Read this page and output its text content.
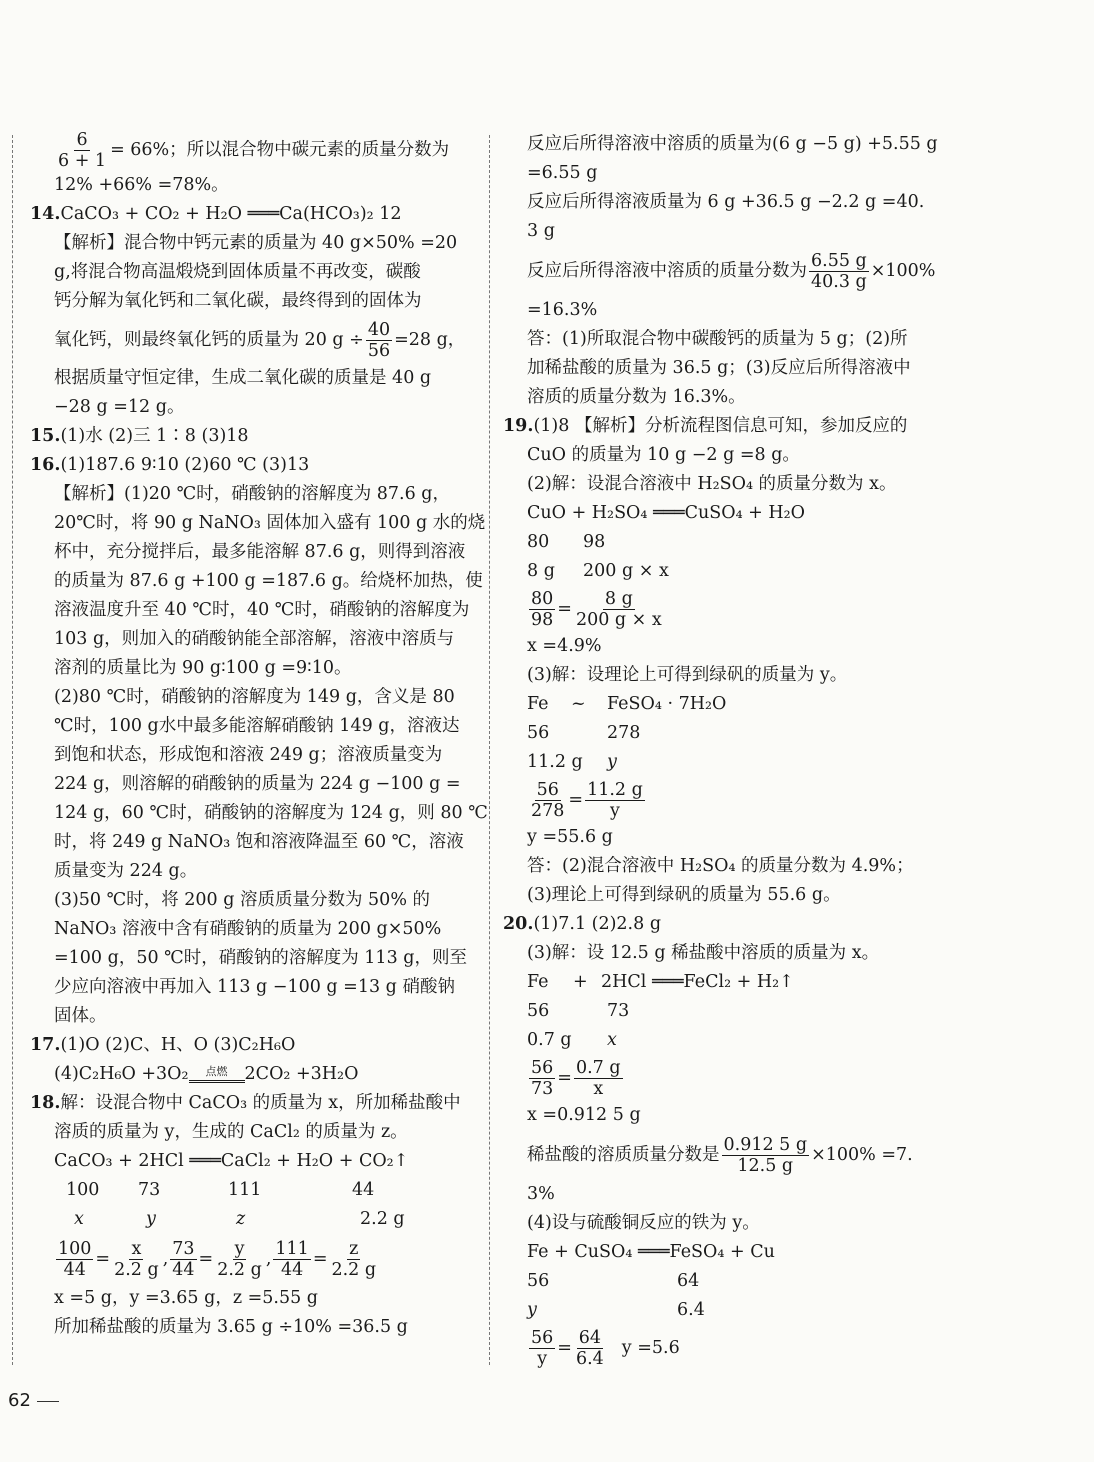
$\frac{6}{6 + 1} = 66\%$；所以混合物中碳元素的质量分数为
12% +66% =78%。
14.CaCO₃ + CO₂ + H₂O ═══Ca(HCO₃)₂ 12
【解析】混合物中钙元素的质量为 40 g×50% =20
g,将混合物高温煅烧到固体质量不再改变，碳酸
钙分解为氧化钙和二氧化碳，最终得到的固体为
氧化钙，则最终氧化钙的质量为 20 $g \div \frac{40}{56} =28$ g，
根据质量守恒定律，生成二氧化碳的质量是 40 g
−28 g =12 g。
15.(1)水 (2)三 1∶8 (3)18
16.(1)187.6 9∶10 (2)60 ℃ (3)13
【解析】(1)20 ℃时，硝酸钠的溶解度为 87.6 g，
20℃时，将 90 g NaNO₃ 固体加入盛有 100 g 水的烧
杯中，充分搅拌后，最多能溶解 87.6 g，则得到溶液
的质量为 87.6 g +100 g =187.6 g。给烧杯加热，使
溶液温度升至 40 ℃时，40 ℃时，硝酸钠的溶解度为
103 g，则加入的硝酸钠能全部溶解，溶液中溶质与
溶剂的质量比为 90 g∶100 g =9∶10。
(2)80 ℃时，硝酸钠的溶解度为 149 g，含义是 80
℃时，100 g水中最多能溶解硝酸钠 149 g，溶液达
到饱和状态，形成饱和溶液 249 g；溶液质量变为
224 g，则溶解的硝酸钠的质量为 224 g −100 g =
124 g，60 ℃时，硝酸钠的溶解度为 124 g，则 80 ℃
时，将 249 g NaNO₃ 饱和溶液降温至 60 ℃，溶液
质量变为 224 g。
(3)50 ℃时，将 200 g 溶质质量分数为 50% 的
NaNO₃ 溶液中含有硝酸钠的质量为 200 g×50%
=100 g，50 ℃时，硝酸钠的溶解度为 113 g，则至
少应向溶液中再加入 113 g −100 g =13 g 硝酸钠
固体。
17.(1)O (2)C、H、O (3)C₂H₆O
(4)C₂H₆O +3O₂ 点燃 2CO₂ +3H₂O
18.解：设混合物中 CaCO₃ 的质量为 x，所加稀盐酸中
溶质的质量为 y，生成的 CaCl₂ 的质量为 z。
CaCO₃ + 2HCl ═══CaCl₂ + H₂O + CO₂↑
100	73	111	44
x	y	z	2.2 g
$\frac{100}{44} = \frac{x}{2.2 g}$ , $\frac{73}{44} = \frac{y}{2.2 g}$ , $\frac{111}{44} = \frac{z}{2.2 g}$
x =5 g，y =3.65 g，z =5.55 g
所加稀盐酸的质量为 3.65 g ÷10% =36.5 g
反应后所得溶液中溶质的质量为(6 g −5 g) +5.55 g
=6.55 g
反应后所得溶液质量为 6 g +36.5 g −2.2 g =40.
3 g
反应后所得溶液中溶质的质量分数为 $\frac{6.55 g}{40.3 g} \times 100\%$
=16.3%
答：(1)所取混合物中碳酸钙的质量为 5 g；(2)所
加稀盐酸的质量为 36.5 g；(3)反应后所得溶液中
溶质的质量分数为 16.3%。
19.(1)8 【解析】分析流程图信息可知，参加反应的
CuO 的质量为 10 g −2 g =8 g。
(2)解：设混合溶液中 H₂SO₄ 的质量分数为 x。
CuO + H₂SO₄ ═══CuSO₄ + H₂O
80	98
8 g	200 g × x
$\frac{80}{98} = \frac{8 g}{200 g \times x}$
x =4.9%
(3)解：设理论上可得到绿矾的质量为 y。
Fe	~	FeSO₄ · 7H₂O
56	278
11.2 g	y
$\frac{56}{278} = \frac{11.2 g}{y}$
y =55.6 g
答：(2)混合溶液中 H₂SO₄ 的质量分数为 4.9%；
(3)理论上可得到绿矾的质量为 55.6 g。
20.(1)7.1 (2)2.8 g
(3)解：设 12.5 g 稀盐酸中溶质的质量为 x。
Fe	+ 2HCl ═══FeCl₂ + H₂↑
56	73
0.7 g	x
$\frac{56}{73} = \frac{0.7 g}{x}$
x =0.912 5 g
稀盐酸的溶质质量分数是 $\frac{0.912 5 g}{12.5 g} \times 100\% =7$.
3%
(4)设与硫酸铜反应的铁为 y。
Fe + CuSO₄ ═══FeSO₄ + Cu
56	64
y	6.4
$\frac{56}{y} = \frac{64}{6.4}$ y =5.6
62
